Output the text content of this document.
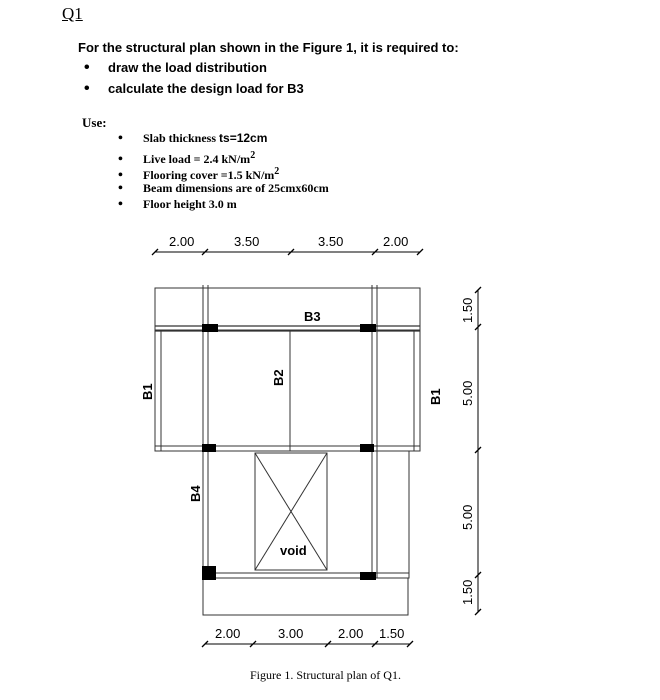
Q1
For the structural plan shown in the Figure 1, it is required to:
• draw the load distribution
• calculate the design load for B3
Use:
• Slab thickness ts=12cm
• Live load = 2.4 $kN/m^2$
• Flooring cover =1.5 $kN/m^2$
• Beam dimensions are of 25cmx60cm
• Floor height 3.0 m
2.00	3.50	3.50	2.00
2.00	3.00	2.00 1.50
1.50
5.00
5.00
1.50
B3
B2
B1	B1
B4
void
Figure 1. Structural plan of Q1.
